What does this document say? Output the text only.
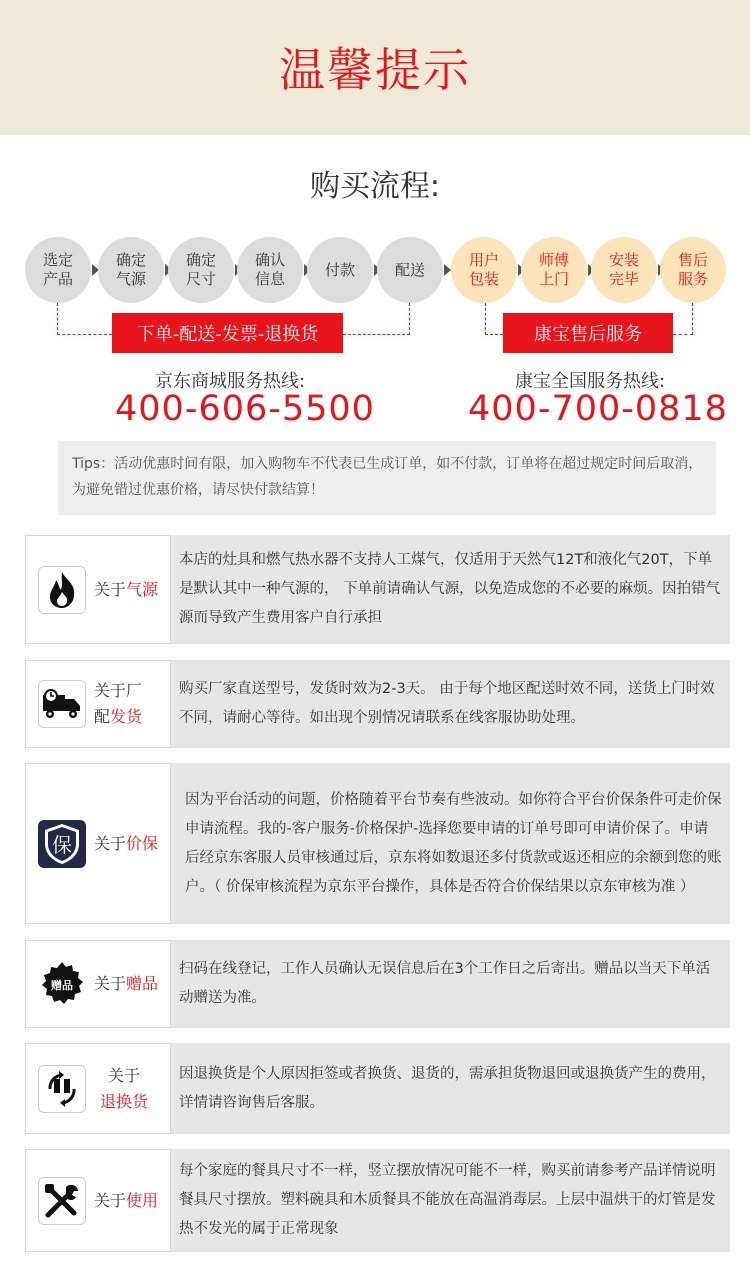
温馨提示
购买流程:
选定
产品
确定
气源
确定
尺寸
确认
信息
付款	配送
用户
包装
师傅
上门
安装
完毕
售后
服务
下单-配送-发票-退换货	康宝售后服务
京东商城服务热线:
400-606-5500
康宝全国服务热线:
400-700-0818
Tips：活动优惠时间有限，加入购物车不代表已生成订单，如不付款，订单将在超过规定时间后取消，为避免错过优惠价格，请尽快付款结算！
关于气源
本店的灶具和燃气热水器不支持人工煤气，仅适用于天然气12T和液化气20T，下单是默认其中一种气源的， 下单前请确认气源，以免造成您的不必要的麻烦。因拍错气源而导致产生费用客户自行承担
关于厂
配发货
购买厂家直送型号，发货时效为2-3天。 由于每个地区配送时效不同，送货上门时效不同，请耐心等待。如出现个别情况请联系在线客服协助处理。
保 关于价保
因为平台活动的问题，价格随着平台节奏有些波动。如你符合平台价保条件可走价保申请流程。我的-客户服务-价格保护-选择您要申请的订单号即可申请价保了。申请后经京东客服人员审核通过后，京东将如数退还多付货款或返还相应的余额到您的账户。（ 价保审核流程为京东平台操作，具体是否符合价保结果以京东审核为准 ）
赠品 关于赠品
扫码在线登记，工作人员确认无误信息后在3个工作日之后寄出。赠品以当天下单活动赠送为准。
关于
退换货
因退换货是个人原因拒签或者换货、退货的，需承担货物退回或退换货产生的费用，详情请咨询售后客服。
关于使用
每个家庭的餐具尺寸不一样，竖立摆放情况可能不一样，购买前请参考产品详情说明餐具尺寸摆放。塑料碗具和木质餐具不能放在高温消毒层。上层中温烘干的灯管是发热不发光的属于正常现象
